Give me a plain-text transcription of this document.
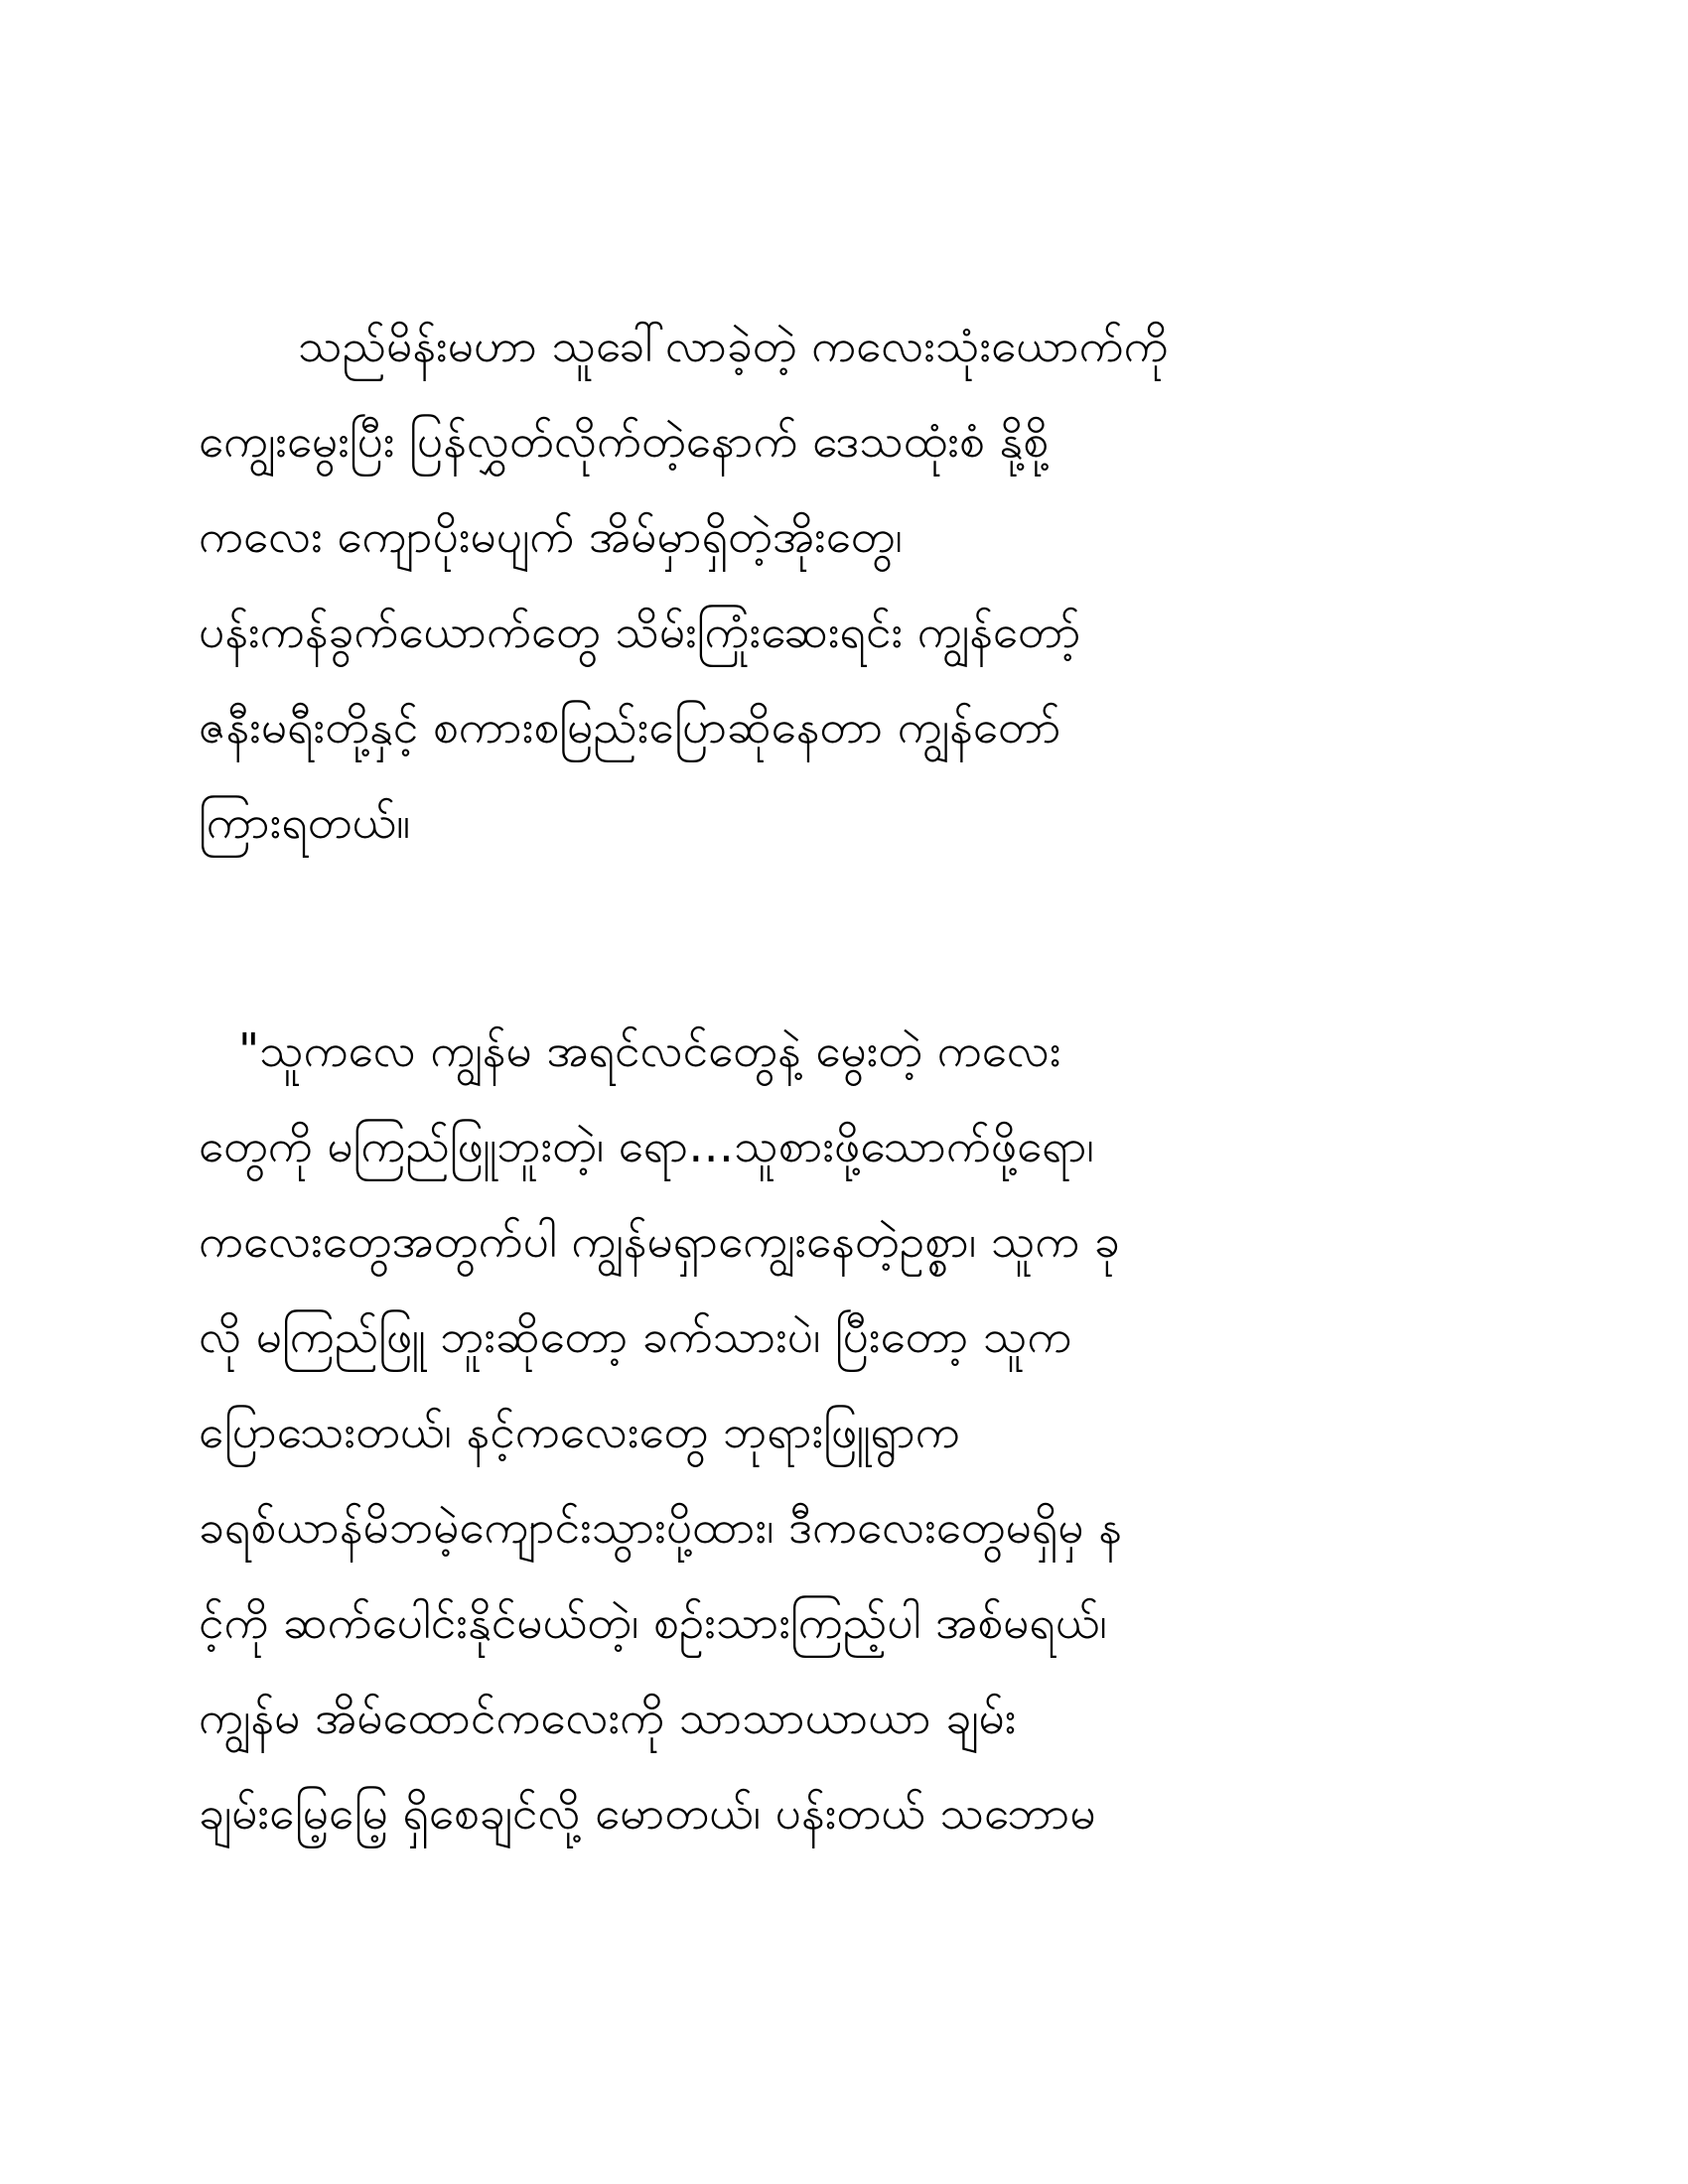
သည်မိန်းမဟာ သူခေါ်လာခဲ့တဲ့ ကလေးသုံးယောက်ကို
ကျွေးမွေးပြီး ပြန်လွှတ်လိုက်တဲ့နောက် ဒေသထုံးစံ နို့စို့
ကလေး ကျောပိုးမပျက် အိမ်မှာရှိတဲ့အိုးတွေ၊
ပန်းကန်ခွက်ယောက်တွေ သိမ်းကြုံးဆေးရင်း ကျွန်တော့်
ဇနီးမရီးတို့နှင့် စကားစမြည်းပြောဆိုနေတာ ကျွန်တော်
ကြားရတယ်။
"သူကလေ ကျွန်မ အရင်လင်တွေနဲ့ မွေးတဲ့ ကလေး
တွေကို မကြည်ဖြူဘူးတဲ့၊ ရော…သူစားဖို့သောက်ဖို့ရော၊
ကလေးတွေအတွက်ပါ ကျွန်မရှာကျွေးနေတဲ့ဥစ္စာ၊ သူက ခု
လို မကြည်ဖြူ ဘူးဆိုတော့ ခက်သားပဲ၊ ပြီးတော့ သူက
ပြောသေးတယ်၊ နင့်ကလေးတွေ ဘုရားဖြူရွာက
ခရစ်ယာန်မိဘမဲ့ကျောင်းသွားပို့ထား၊ ဒီကလေးတွေမရှိမှ န
င့်ကို ဆက်ပေါင်းနိုင်မယ်တဲ့၊ စဉ်းသားကြည့်ပါ အစ်မရယ်၊
ကျွန်မ အိမ်ထောင်ကလေးကို သာသာယာယာ ချမ်း
ချမ်းမြေ့မြေ့ ရှိစေချင်လို့ မောတယ်၊ ပန်းတယ် သဘောမ
